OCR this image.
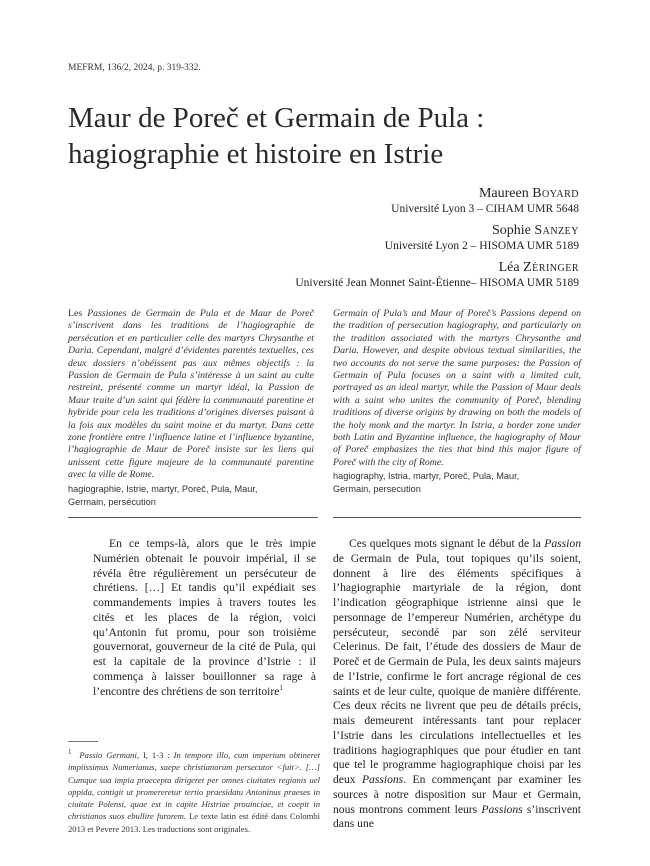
MEFRM, 136/2, 2024, p. 319-332.
Maur de Poreč et Germain de Pula :
hagiographie et histoire en Istrie
Maureen Boyard
Université Lyon 3 – CIHAM UMR 5648
Sophie Sanzey
Université Lyon 2 – HISOMA UMR 5189
Léa Zéringer
Université Jean Monnet Saint-Étienne– HISOMA UMR 5189
Les Passiones de Germain de Pula et de Maur de Poreč s’inscrivent dans les traditions de l’hagiographie de persécution et en particulier celle des martyrs Chrysanthe et Daria. Cependant, malgré d’évidentes parentés textuelles, ces deux dossiers n’obéissent pas aux mêmes objectifs : la Passion de Germain de Pula s’intéresse à un saint au culte restreint, présenté comme un martyr idéal, la Passion de Maur traite d’un saint qui fédère la communauté parentine et hybride pour cela les traditions d’origines diverses puisant à la fois aux modèles du saint moine et du martyr. Dans cette zone frontière entre l’influence latine et l’influence byzantine, l’hagiographie de Maur de Poreč insiste sur les liens qui unissent cette figure majeure de la communauté parentine avec la ville de Rome.
hagiographie, Istrie, martyr, Poreč, Pula, Maur,
Germain, persécution
Germain of Pula’s and Maur of Poreč’s Passions depend on the tradition of persecution hagiography, and particularly on the tradition associated with the martyrs Chrysanthe and Daria. However, and despite obvious textual similarities, the two accounts do not serve the same purposes: the Passion of Germain of Pula focuses on a saint with a limited cult, portrayed as an ideal martyr, while the Passion of Maur deals with a saint who unites the community of Poreč, blending traditions of diverse origins by drawing on both the models of the holy monk and the martyr. In Istria, a border zone under both Latin and Byzantine influence, the hagiography of Maur of Poreč emphasizes the ties that bind this major figure of Poreč with the city of Rome.
hagiography, Istria, martyr, Poreč, Pula, Maur,
Germain, persecution
En ce temps-là, alors que le très impie Numérien obtenait le pouvoir impérial, il se révéla être régulièrement un persécuteur de chrétiens. […] Et tandis qu’il expédiait ses commandements impies à travers toutes les cités et les places de la région, voici qu’Antonin fut promu, pour son troisième gouvernorat, gouverneur de la cité de Pula, qui est la capitale de la province d’Istrie : il commença à laisser bouillonner sa rage à l’encontre des chrétiens de son territoire$^1$
$^1$ Passio Germani, I, 1-3 : In tempore illo, cum imperium obtineret impiissimus Numerianus, saepe christianorum persecutor <fuit>. […] Cumque sua impia praecepta dirigeret per omnes ciuitates regionis uel oppida, contigit ut promereretur tertio praesidatu Antoninus praeses in ciuitate Polensi, quae est in capite Histriae prouinciae, et coepit in christianos suos ebullire furorem. Le texte latin est édité dans Colombi 2013 et Pevere 2013. Les traductions sont originales.
Ces quelques mots signant le début de la Passion de Germain de Pula, tout topiques qu’ils soient, donnent à lire des éléments spécifiques à l’hagiographie martyriale de la région, dont l’indication géographique istrienne ainsi que le personnage de l’empereur Numérien, archétype du persécuteur, secondé par son zélé serviteur Celerinus. De fait, l’étude des dossiers de Maur de Poreč et de Germain de Pula, les deux saints majeurs de l’Istrie, confirme le fort ancrage régional de ces saints et de leur culte, quoique de manière différente. Ces deux récits ne livrent que peu de détails précis, mais demeurent intéressants tant pour replacer l’Istrie dans les circulations intellectuelles et les traditions hagiographiques que pour étudier en tant que tel le programme hagiographique choisi par les deux Passions. En commençant par examiner les sources à notre disposition sur Maur et Germain, nous montrons comment leurs Passions s’inscrivent dans une
